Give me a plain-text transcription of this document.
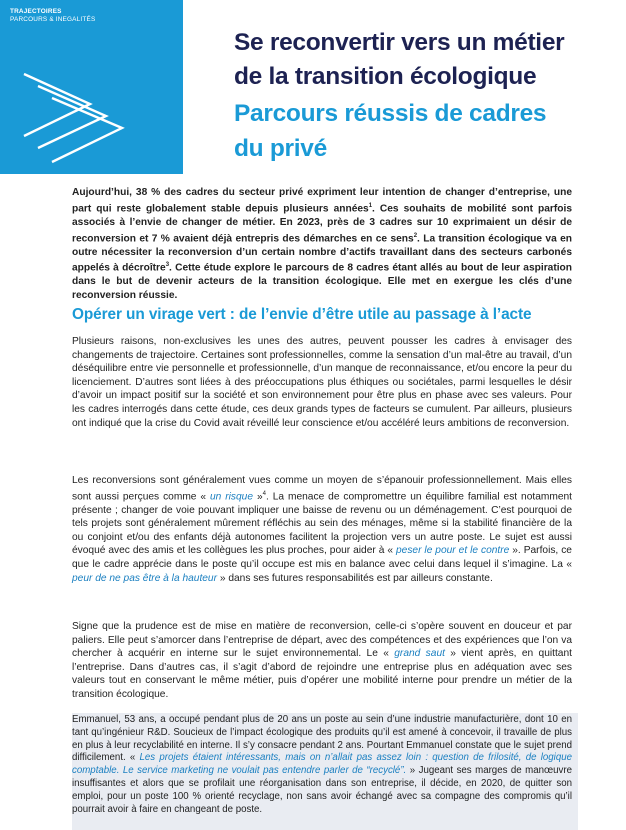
TRAJECTOIRES
PARCOURS & INEGALITÉS
Se reconvertir vers un métier
de la transition écologique
Parcours réussis de cadres
du privé

Aujourd’hui, 38 % des cadres du secteur privé expriment leur intention de changer d’entreprise, une part qui reste globalement stable depuis plusieurs années$^1$. Ces souhaits de mobilité sont parfois associés à l’envie de changer de métier. En 2023, près de 3 cadres sur 10 exprimaient un désir de reconversion et 7 % avaient déjà entrepris des démarches en ce sens$^2$. La transition écologique va en outre nécessiter la reconversion d’un certain nombre d’actifs travaillant dans des secteurs carbonés appelés à décroître$^3$. Cette étude explore le parcours de 8 cadres étant allés au bout de leur aspiration dans le but de devenir acteurs de la transition écologique. Elle met en exergue les clés d’une reconversion réussie.

Opérer un virage vert : de l’envie d’être utile au passage à l’acte

Plusieurs raisons, non-exclusives les unes des autres, peuvent pousser les cadres à envisager des changements de trajectoire. Certaines sont professionnelles, comme la sensation d’un mal-être au travail, d’un déséquilibre entre vie personnelle et professionnelle, d’un manque de reconnaissance, et/ou encore la peur du licenciement. D’autres sont liées à des préoccupations plus éthiques ou sociétales, parmi lesquelles le désir d’avoir un impact positif sur la société et son environnement pour être plus en phase avec ses valeurs. Pour les cadres interrogés dans cette étude, ces deux grands types de facteurs se cumulent. Par ailleurs, plusieurs ont indiqué que la crise du Covid avait réveillé leur conscience et/ou accéléré leurs ambitions de reconversion.

Les reconversions sont généralement vues comme un moyen de s’épanouir professionnellement. Mais elles sont aussi perçues comme « un risque »$^4$. La menace de compromettre un équilibre familial est notamment présente ; changer de voie pouvant impliquer une baisse de revenu ou un déménagement. C’est pourquoi de tels projets sont généralement mûrement réfléchis au sein des ménages, même si la stabilité financière de la ou conjoint et/ou des enfants déjà autonomes facilitent la projection vers un autre poste. Le sujet est aussi évoqué avec des amis et les collègues les plus proches, pour aider à « peser le pour et le contre ». Parfois, ce que le cadre apprécie dans le poste qu’il occupe est mis en balance avec celui dans lequel il s’imagine. La « peur de ne pas être à la hauteur » dans ses futures responsabilités est par ailleurs constante.

Signe que la prudence est de mise en matière de reconversion, celle-ci s’opère souvent en douceur et par paliers. Elle peut s’amorcer dans l’entreprise de départ, avec des compétences et des expériences que l’on va chercher à acquérir en interne sur le sujet environnemental. Le « grand saut » vient après, en quittant l’entreprise. Dans d’autres cas, il s’agit d’abord de rejoindre une entreprise plus en adéquation avec ses valeurs tout en conservant le même métier, puis d’opérer une mobilité interne pour prendre un métier de la transition écologique.

Emmanuel, 53 ans, a occupé pendant plus de 20 ans un poste au sein d’une industrie manufacturière, dont 10 en tant qu’ingénieur R&D. Soucieux de l’impact écologique des produits qu’il est amené à concevoir, il travaille de plus en plus à leur recyclabilité en interne. Il s’y consacre pendant 2 ans. Pourtant Emmanuel constate que le sujet prend difficilement. « Les projets étaient intéressants, mais on n’allait pas assez loin : question de frilosité, de logique comptable. Le service marketing ne voulait pas entendre parler de “recyclé”. » Jugeant ses marges de manœuvre insuffisantes et alors que se profilait une réorganisation dans son entreprise, il décide, en 2020, de quitter son emploi, pour un poste 100 % orienté recyclage, non sans avoir échangé avec sa compagne des compromis qu’il pourrait avoir à faire en changeant de poste.
